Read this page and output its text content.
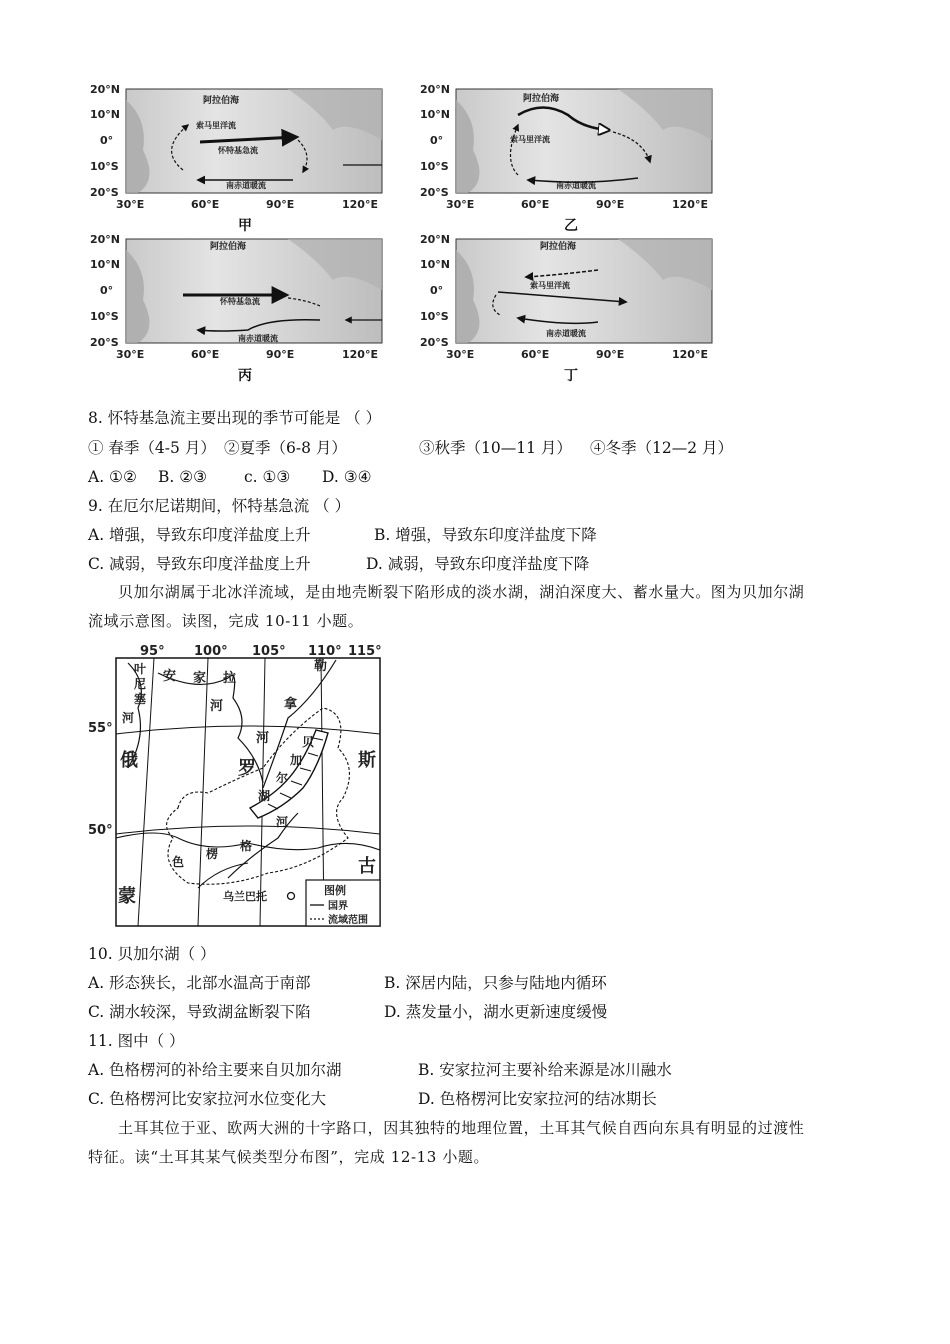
20°N
10°N
0°
10°S
20°S
30°E	60°E	90°E	120°E
阿拉伯海
索马里洋流
怀特基急流
南赤道暖流
甲
20°N
10°N
0°
10°S
20°S
30°E	60°E	90°E	120°E
阿拉伯海
索马里洋流
南赤道暖流
乙
20°N
10°N
0°
10°S
20°S
30°E	60°E	90°E	120°E
阿拉伯海
怀特基急流
南赤道暖流
丙
20°N
10°N
0°
10°S
20°S
30°E	60°E	90°E	120°E
阿拉伯海
索马里洋流
南赤道暖流
丁
8. 怀特基急流主要出现的季节可能是 （ ）
① 春季（4-5 月） ②夏季（6-8 月）	③秋季（10—11 月） ④冬季（12—2 月）
A. ①② B. ②③ c. ①③ D. ③④
9. 在厄尔尼诺期间，怀特基急流 （ ）
A. 增强，导致东印度洋盐度上升	B. 增强，导致东印度洋盐度下降
C. 减弱，导致东印度洋盐度上升	D. 减弱，导致东印度洋盐度下降

贝加尔湖属于北冰洋流域，是由地壳断裂下陷形成的淡水湖，湖泊深度大、蓄水量大。图为贝加尔湖

流域示意图。读图，完成 10-11 小题。
95° 100° 105° 110° 115°
55°
50°
叶
尼
塞
河
安 家 拉
河
勒
拿
河	贝
加
尔
湖
俄	罗	斯
蒙
古
色
楞
格
河
乌兰巴托	图例
国界
流域范围
10. 贝加尔湖（ ）
A. 形态狭长，北部水温高于南部	B. 深居内陆，只参与陆地内循环
C. 湖水较深，导致湖盆断裂下陷	D. 蒸发量小，湖水更新速度缓慢
11. 图中（ ）
A. 色格楞河的补给主要来自贝加尔湖	B. 安家拉河主要补给来源是冰川融水
C. 色格楞河比安家拉河水位变化大	D. 色格楞河比安家拉河的结冰期长

土耳其位于亚、欧两大洲的十字路口，因其独特的地理位置，土耳其气候自西向东具有明显的过渡性

特征。读“土耳其某气候类型分布图”，完成 12-13 小题。
